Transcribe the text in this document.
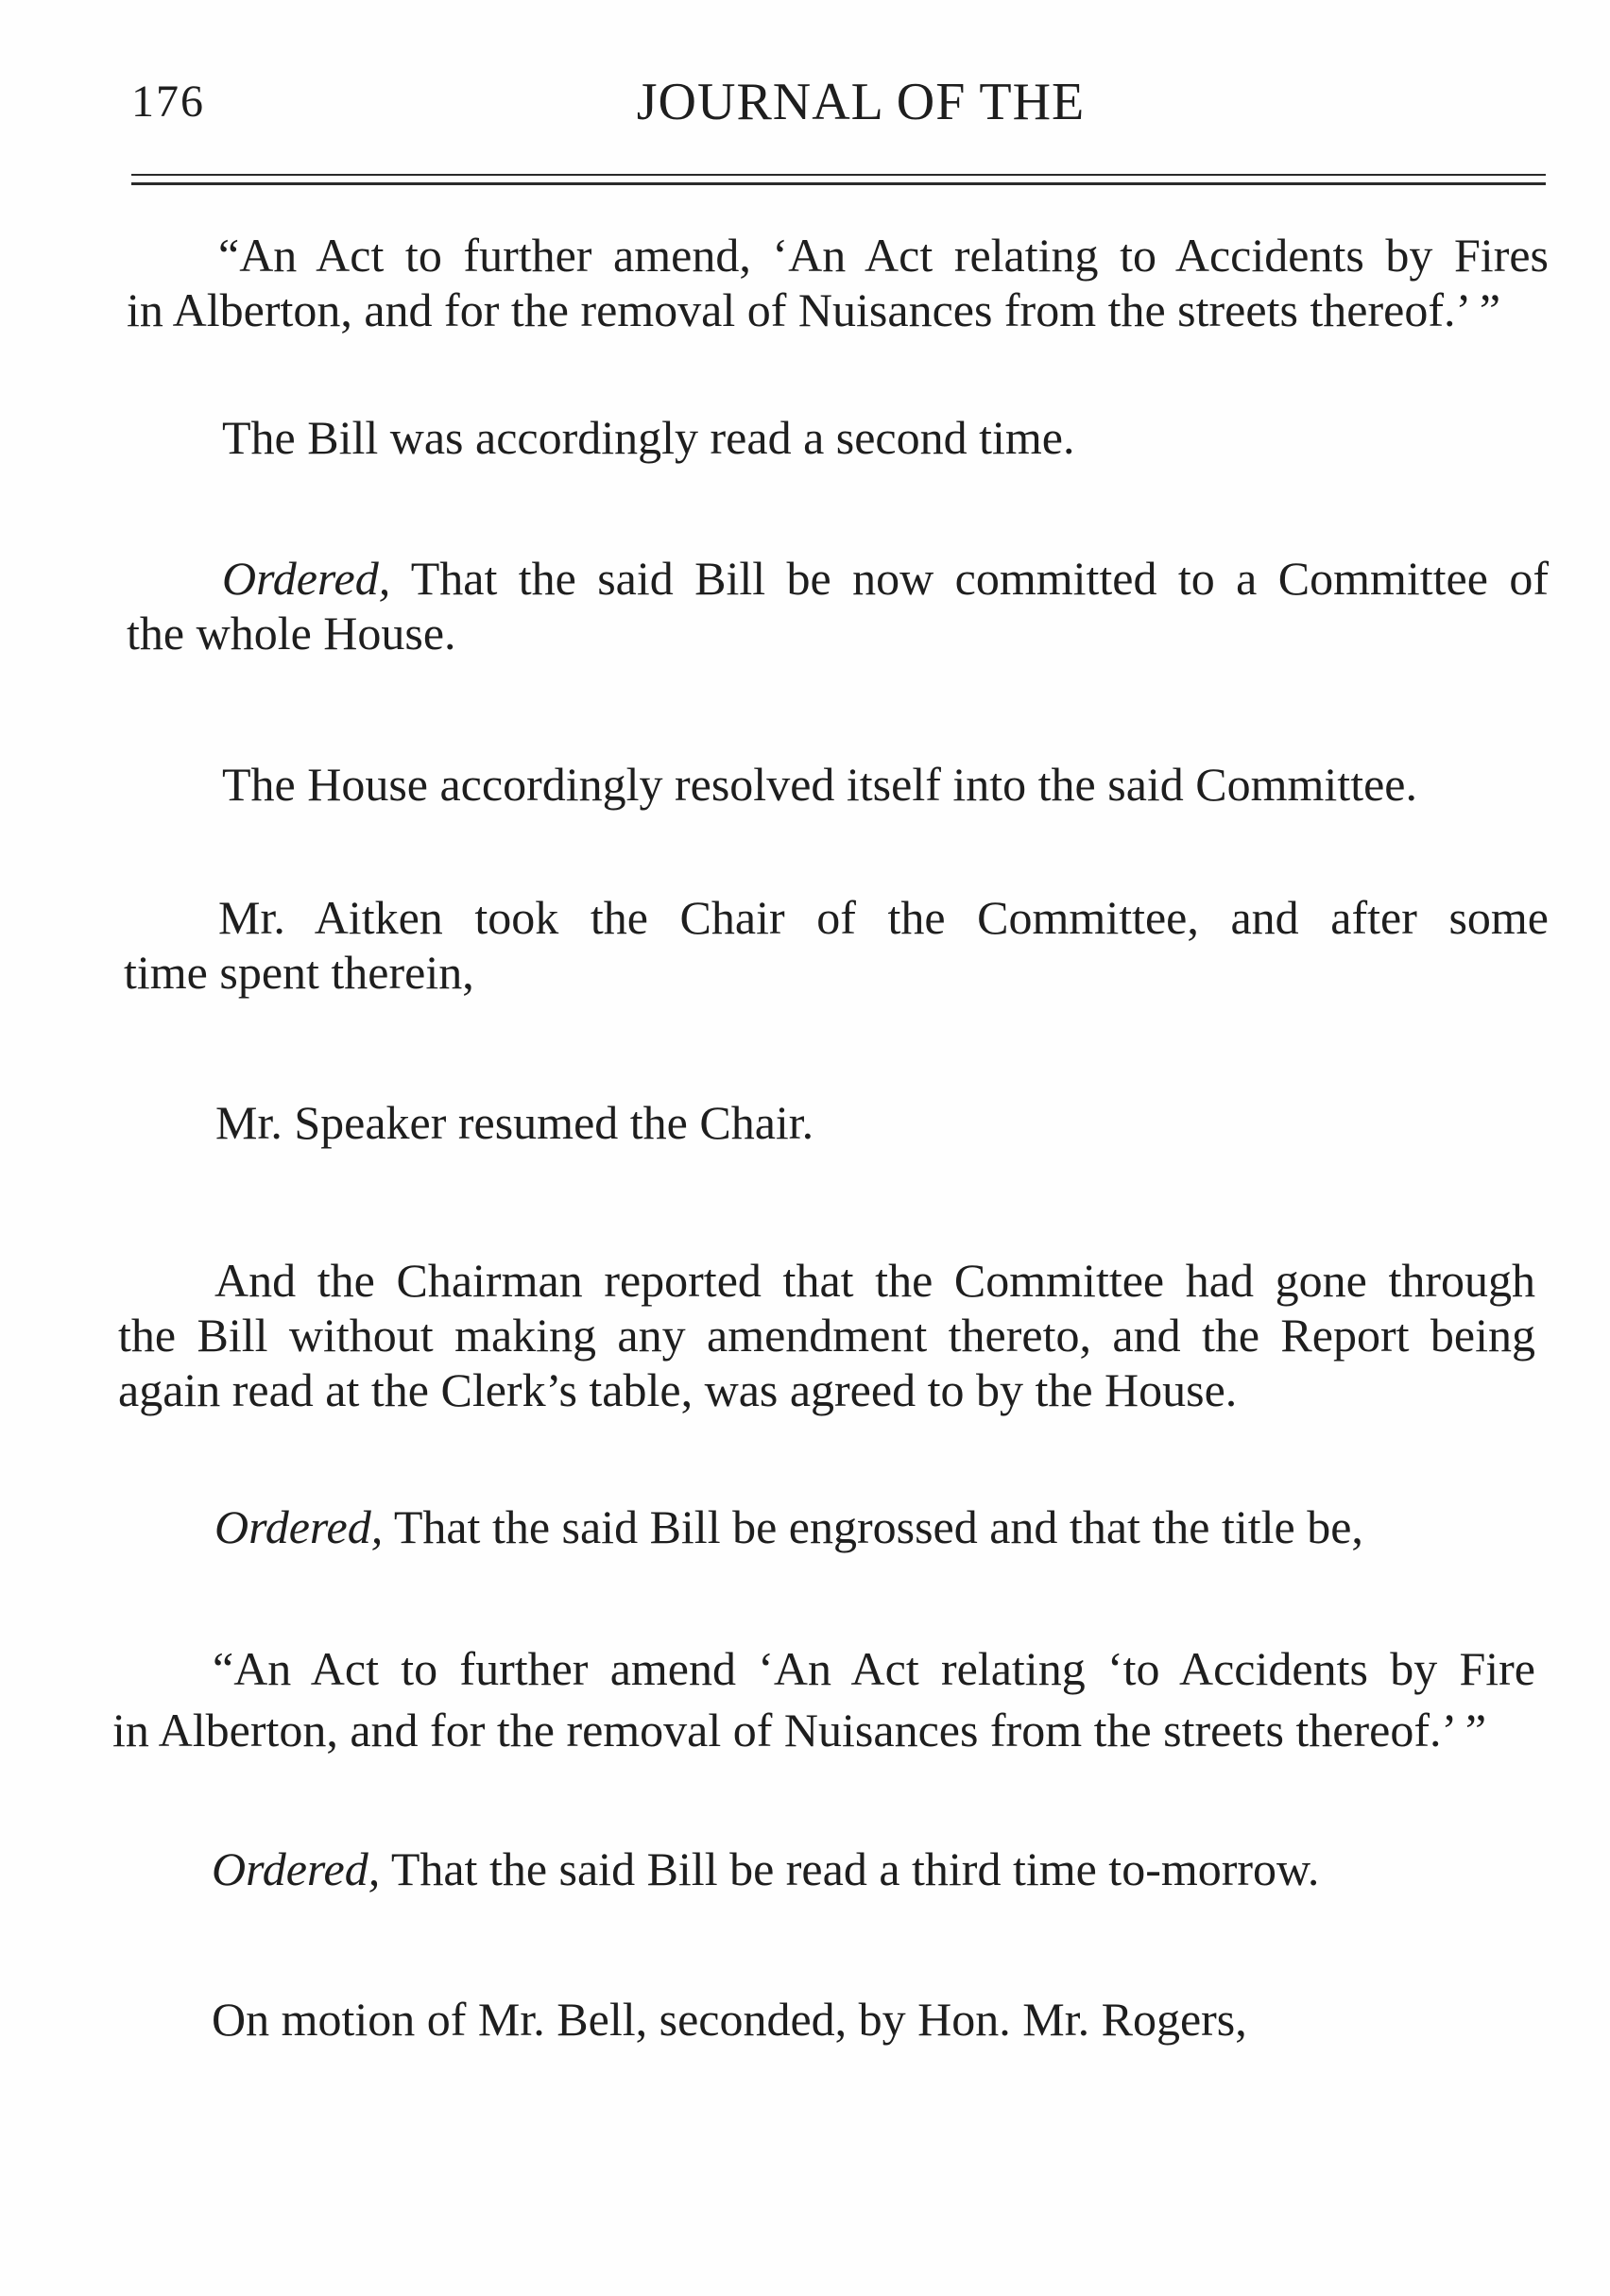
176	JOURNAL OF THE
“An Act to further amend, ‘An Act relating to Accidents by Fires
in Alberton, and for the removal of Nuisances from the streets thereof.’ ”
The Bill was accordingly read a second time.
Ordered, That the said Bill be now committed to a Committee of
the whole House.
The House accordingly resolved itself into the said Committee.
Mr. Aitken took the Chair of the Committee, and after some
time spent therein,
Mr. Speaker resumed the Chair.
And the Chairman reported that the Committee had gone through
the Bill without making any amendment thereto, and the Report being
again read at the Clerk’s table, was agreed to by the House.
Ordered, That the said Bill be engrossed and that the title be,
“An Act to further amend ‘An Act relating ‘to Accidents by Fire
in Alberton, and for the removal of Nuisances from the streets thereof.’ ”
Ordered, That the said Bill be read a third time to-morrow.
On motion of Mr. Bell, seconded, by Hon. Mr. Rogers,
